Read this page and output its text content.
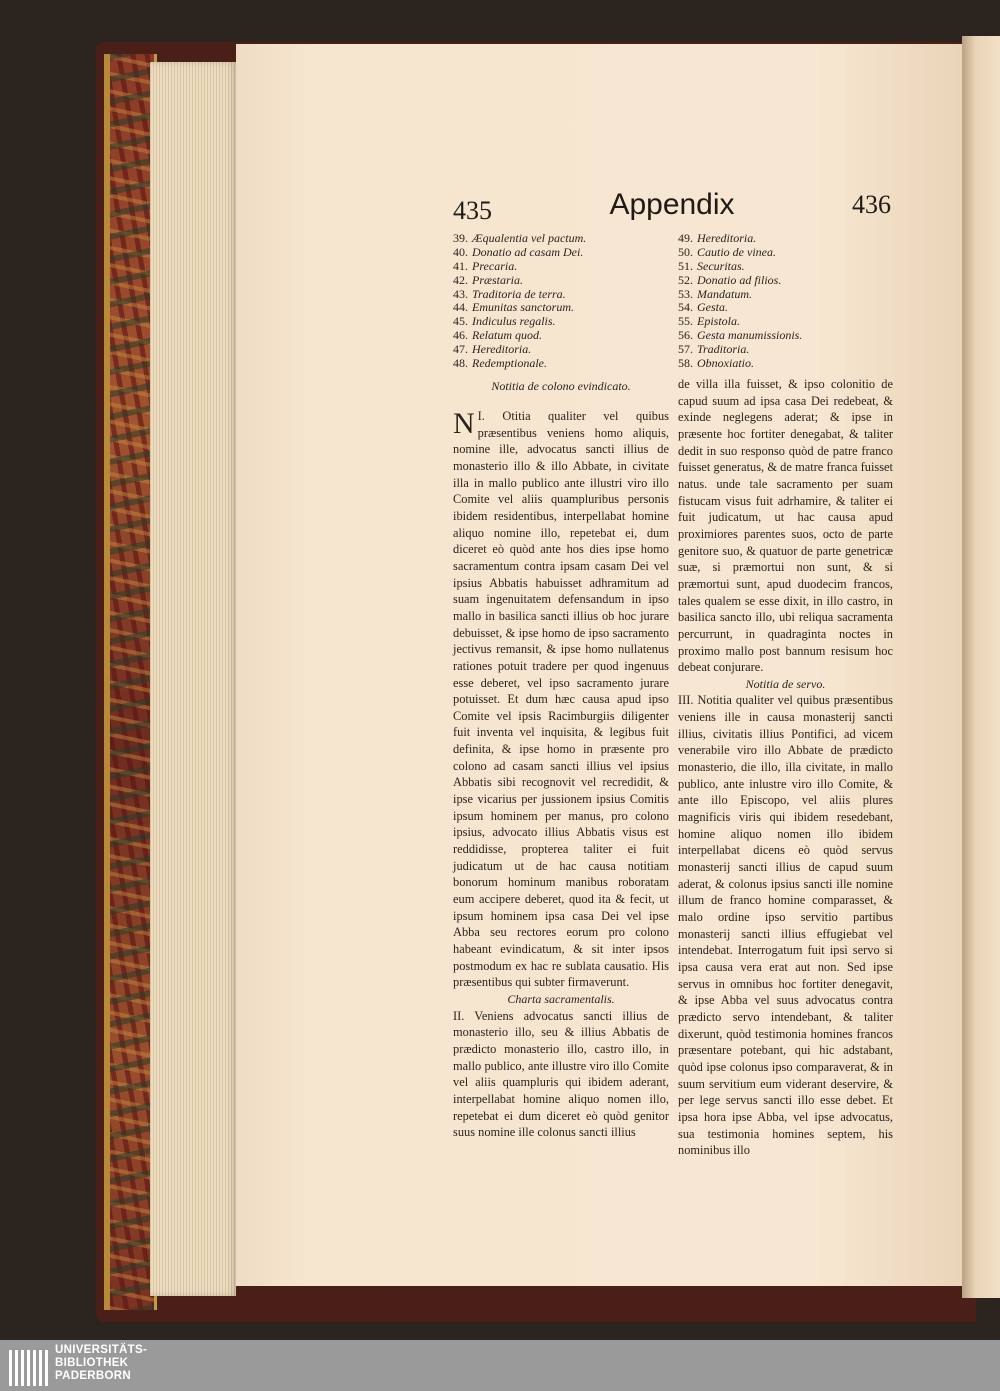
435	Appendix	436
39. Æqualentia vel pactum.
40. Donatio ad casam Dei.
41. Precaria.
42. Præstaria.
43. Traditoria de terra.
44. Emunitas sanctorum.
45. Indiculus regalis.
46. Relatum quod.
47. Hereditoria.
48. Redemptionale.
49. Hereditoria.
50. Cautio de vinea.
51. Securitas.
52. Donatio ad filios.
53. Mandatum.
54. Gesta.
55. Epistola.
56. Gesta manumissionis.
57. Traditoria.
58. Obnoxiatio.

Notitia de colono evindicato.

I.
N Otitia qualiter vel quibus præsentibus veniens homo aliquis, nomine ille, advocatus sancti illius de monasterio illo & illo Abbate, in civitate illa in mallo publico ante illustri viro illo Comite vel aliis quampluribus personis ibidem residentibus, interpellabat homine aliquo nomine illo, repetebat ei, dum diceret eò quòd ante hos dies ipse homo sacramentum contra ipsam casam Dei vel ipsius Abbatis habuisset adhramitum ad suam ingenuitatem defensandum in ipso mallo in basilica sancti illius ob hoc jurare debuisset, & ipse homo de ipso sacramento jectivus remansit, & ipse homo nullatenus rationes potuit tradere per quod ingenuus esse deberet, vel ipso sacramento jurare potuisset. Et dum hæc causa apud ipso Comite vel ipsis Racimburgiis diligenter fuit inventa vel inquisita, & legibus fuit definita, & ipse homo in præsente pro colono ad casam sancti illius vel ipsius Abbatis sibi recognovit vel recredidit, & ipse vicarius per jussionem ipsius Comitis ipsum hominem per manus, pro colono ipsius, advocato illius Abbatis visus est reddidisse, propterea taliter ei fuit judicatum ut de hac causa notitiam bonorum hominum manibus roboratam eum accipere deberet, quod ita & fecit, ut ipsum hominem ipsa casa Dei vel ipse Abba seu rectores eorum pro colono habeant evindicatum, & sit inter ipsos postmodum ex hac re sublata causatio. His præsentibus qui subter firmaverunt.

Charta sacramentalis.

II. Veniens advocatus sancti illius de monasterio illo, seu & illius Abbatis de prædicto monasterio illo, castro illo, in mallo publico, ante illustre viro illo Comite vel aliis quampluris qui ibidem aderant, interpellabat homine aliquo nomen illo, repetebat ei dum diceret eò quòd genitor suus nomine ille colonus sancti illius

de villa illa fuisset, & ipso colonitio de capud suum ad ipsa casa Dei redebeat, & exinde neglegens aderat; & ipse in præsente hoc fortiter denegabat, & taliter dedit in suo responso quòd de patre franco fuisset generatus, & de matre franca fuisset natus. unde tale sacramento per suam fistucam visus fuit adrhamire, & taliter ei fuit judicatum, ut hac causa apud proximiores parentes suos, octo de parte genitore suo, & quatuor de parte genetricæ suæ, si præmortui non sunt, & si præmortui sunt, apud duodecim francos, tales qualem se esse dixit, in illo castro, in basilica sancto illo, ubi reliqua sacramenta percurrunt, in quadraginta noctes in proximo mallo post bannum resisum hoc debeat conjurare.

Notitia de servo.

III. Notitia qualiter vel quibus præsentibus veniens ille in causa monasterij sancti illius, civitatis illius Pontifici, ad vicem venerabile viro illo Abbate de prædicto monasterio, die illo, illa civitate, in mallo publico, ante inlustre viro illo Comite, & ante illo Episcopo, vel aliis plures magnificis viris qui ibidem resedebant, homine aliquo nomen illo ibidem interpellabat dicens eò quòd servus monasterij sancti illius de capud suum aderat, & colonus ipsius sancti ille nomine illum de franco homine comparasset, & malo ordine ipso servitio partibus monasterij sancti illius effugiebat vel intendebat. Interrogatum fuit ipsi servo si ipsa causa vera erat aut non. Sed ipse servus in omnibus hoc fortiter denegavit, & ipse Abba vel suus advocatus contra prædicto servo intendebant, & taliter dixerunt, quòd testimonia homines francos præsentare potebant, qui hic adstabant, quòd ipse colonus ipso comparaverat, & in suum servitium eum viderant deservire, & per lege servus sancti illo esse debet. Et ipsa hora ipse Abba, vel ipse advocatus, sua testimonia homines septem, his nominibus illo

UNIVERSITÄTS-
BIBLIOTHEK
PADERBORN
